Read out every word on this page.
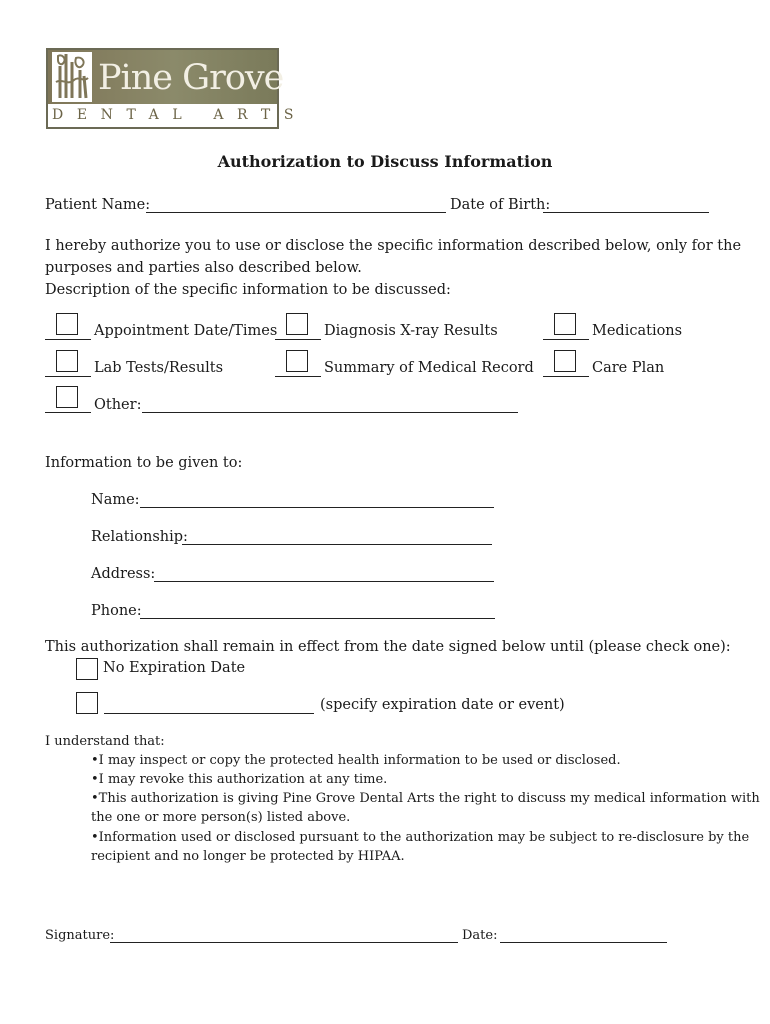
Pine Grove
DENTAL ARTS
Authorization to Discuss Information
Patient Name:	Date of Birth:
I hereby authorize you to use or disclose the specific information described below, only for the
purposes and parties also described below.
Description of the specific information to be discussed:
Appointment Date/Times	Diagnosis X-ray Results	Medications
Lab Tests/Results	Summary of Medical Record	Care Plan
Other:
Information to be given to:
Name:
Relationship:
Address:
Phone:
This authorization shall remain in effect from the date signed below until (please check one):
No Expiration Date
(specify expiration date or event)
I understand that:
• I may inspect or copy the protected health information to be used or disclosed.
• I may revoke this authorization at any time.
• This authorization is giving Pine Grove Dental Arts the right to discuss my medical information with
the one or more person(s) listed above.
• Information used or disclosed pursuant to the authorization may be subject to re-disclosure by the
recipient and no longer be protected by HIPAA.
Signature:	Date:
